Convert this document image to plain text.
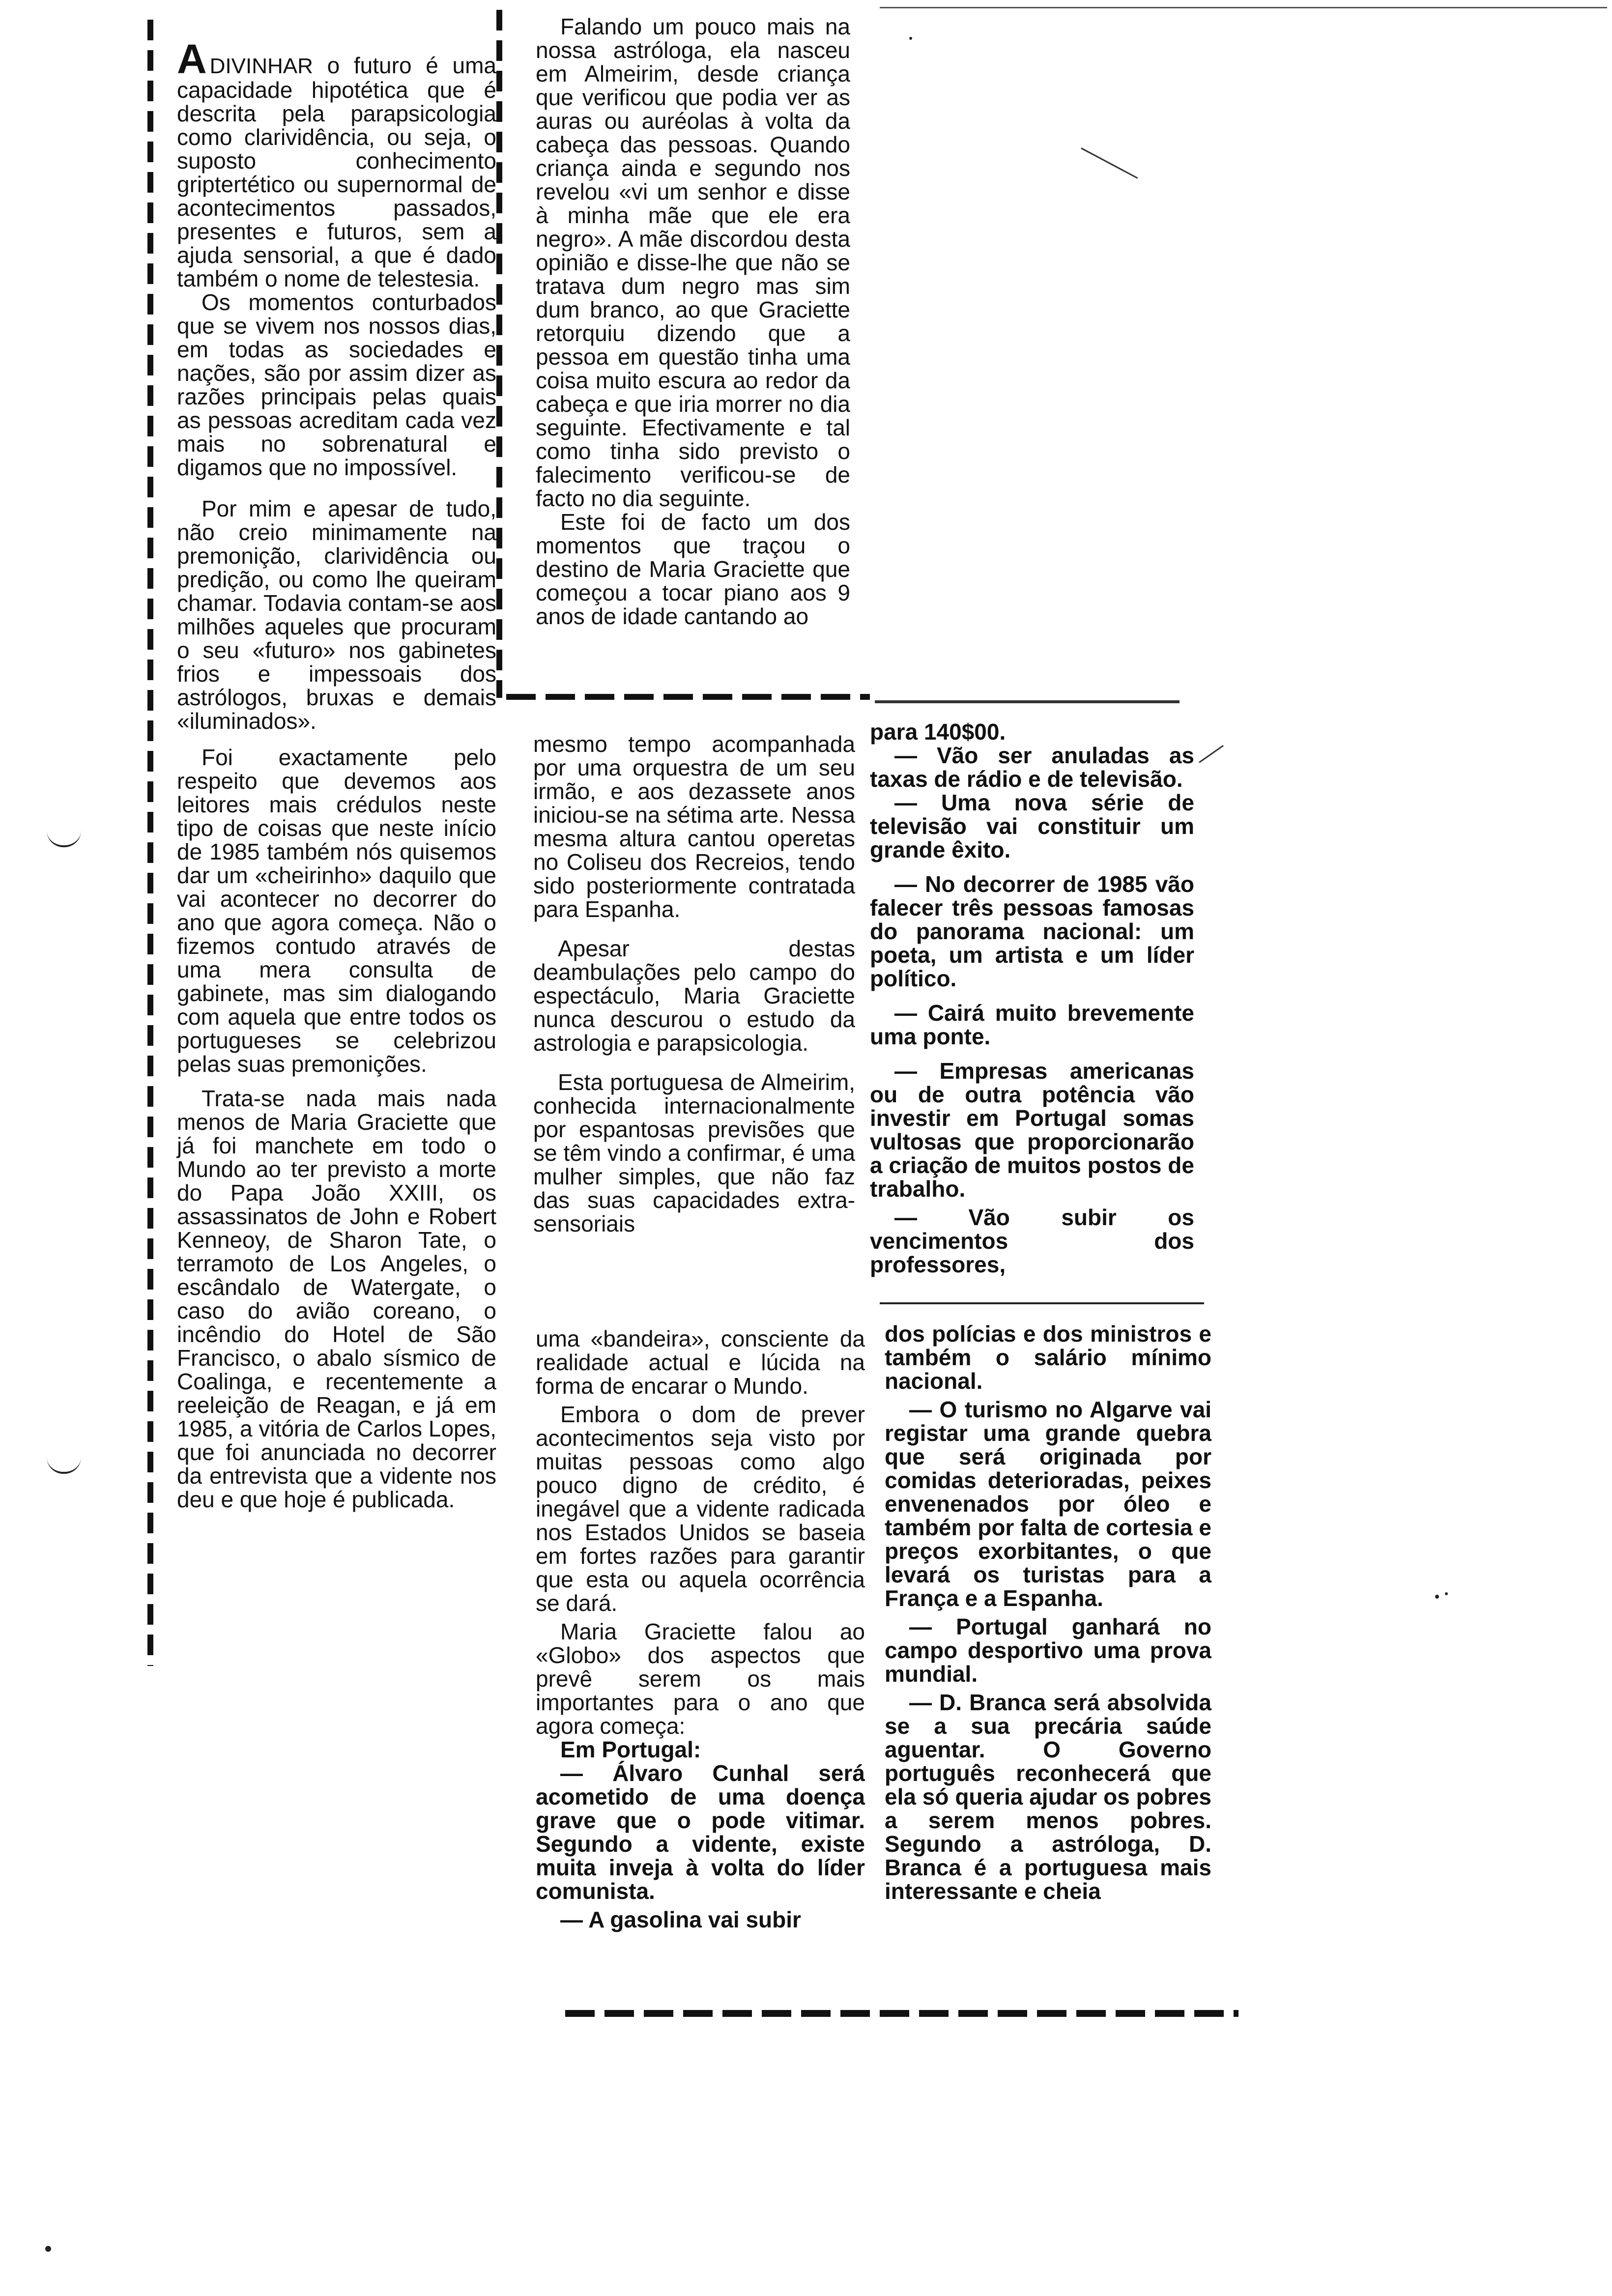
ADIVINHAR o futuro é uma capacidade hipotética que é descrita pela parapsicologia como clarividência, ou seja, o suposto conhecimento griptertético ou supernormal de acontecimentos passados, presentes e futuros, sem a ajuda sensorial, a que é dado também o nome de telestesia.

Os momentos conturbados que se vivem nos nossos dias, em todas as sociedades e nações, são por assim dizer as razões principais pelas quais as pessoas acreditam cada vez mais no sobrenatural e digamos que no impossível.

Por mim e apesar de tudo, não creio minimamente na premonição, clarividência ou predição, ou como lhe queiram chamar. Todavia contam-se aos milhões aqueles que procuram o seu «futuro» nos gabinetes frios e impessoais dos astrólogos, bruxas e demais «iluminados».

Foi exactamente pelo respeito que devemos aos leitores mais crédulos neste tipo de coisas que neste início de 1985 também nós quisemos dar um «cheirinho» daquilo que vai acontecer no decorrer do ano que agora começa. Não o fizemos contudo através de uma mera consulta de gabinete, mas sim dialogando com aquela que entre todos os portugueses se celebrizou pelas suas premonições.

Trata-se nada mais nada menos de Maria Graciette que já foi manchete em todo o Mundo ao ter previsto a morte do Papa João XXIII, os assassinatos de John e Robert Kenneoy, de Sharon Tate, o terramoto de Los Angeles, o escândalo de Watergate, o caso do avião coreano, o incêndio do Hotel de São Francisco, o abalo sísmico de Coalinga, e recentemente a reeleição de Reagan, e já em 1985, a vitória de Carlos Lopes, que foi anunciada no decorrer da entrevista que a vidente nos deu e que hoje é publicada.

Falando um pouco mais na nossa astróloga, ela nasceu em Almeirim, desde criança que verificou que podia ver as auras ou auréolas à volta da cabeça das pessoas. Quando criança ainda e segundo nos revelou «vi um senhor e disse à minha mãe que ele era negro». A mãe discordou desta opinião e disse-lhe que não se tratava dum negro mas sim dum branco, ao que Graciette retorquiu dizendo que a pessoa em questão tinha uma coisa muito escura ao redor da cabeça e que iria morrer no dia seguinte. Efectivamente e tal como tinha sido previsto o falecimento verificou-se de facto no dia seguinte.

Este foi de facto um dos momentos que traçou o destino de Maria Graciette que começou a tocar piano aos 9 anos de idade cantando ao

mesmo tempo acompanhada por uma orquestra de um seu irmão, e aos dezassete anos iniciou-se na sétima arte. Nessa mesma altura cantou operetas no Coliseu dos Recreios, tendo sido posteriormente contratada para Espanha.

Apesar destas deambulações pelo campo do espectáculo, Maria Graciette nunca descurou o estudo da astrologia e parapsicologia.

Esta portuguesa de Almeirim, conhecida internacionalmente por espantosas previsões que se têm vindo a confirmar, é uma mulher simples, que não faz das suas capacidades extra-sensoriais

para 140$00.

— Vão ser anuladas as taxas de rádio e de televisão.

— Uma nova série de televisão vai constituir um grande êxito.

— No decorrer de 1985 vão falecer três pessoas famosas do panorama nacional: um poeta, um artista e um líder político.

— Cairá muito brevemente uma ponte.

— Empresas americanas ou de outra potência vão investir em Portugal somas vultosas que proporcionarão a criação de muitos postos de trabalho.

— Vão subir os vencimentos dos professores,

uma «bandeira», consciente da realidade actual e lúcida na forma de encarar o Mundo.

Embora o dom de prever acontecimentos seja visto por muitas pessoas como algo pouco digno de crédito, é inegável que a vidente radicada nos Estados Unidos se baseia em fortes razões para garantir que esta ou aquela ocorrência se dará.

Maria Graciette falou ao «Globo» dos aspectos que prevê serem os mais importantes para o ano que agora começa:

Em Portugal:

— Álvaro Cunhal será acometido de uma doença grave que o pode vitimar. Segundo a vidente, existe muita inveja à volta do líder comunista.

— A gasolina vai subir

dos polícias e dos ministros e também o salário mínimo nacional.

— O turismo no Algarve vai registar uma grande quebra que será originada por comidas deterioradas, peixes envenenados por óleo e também por falta de cortesia e preços exorbitantes, o que levará os turistas para a França e a Espanha.

— Portugal ganhará no campo desportivo uma prova mundial.

— D. Branca será absolvida se a sua precária saúde aguentar. O Governo português reconhecerá que ela só queria ajudar os pobres a serem menos pobres. Segundo a astróloga, D. Branca é a portuguesa mais interessante e cheia
